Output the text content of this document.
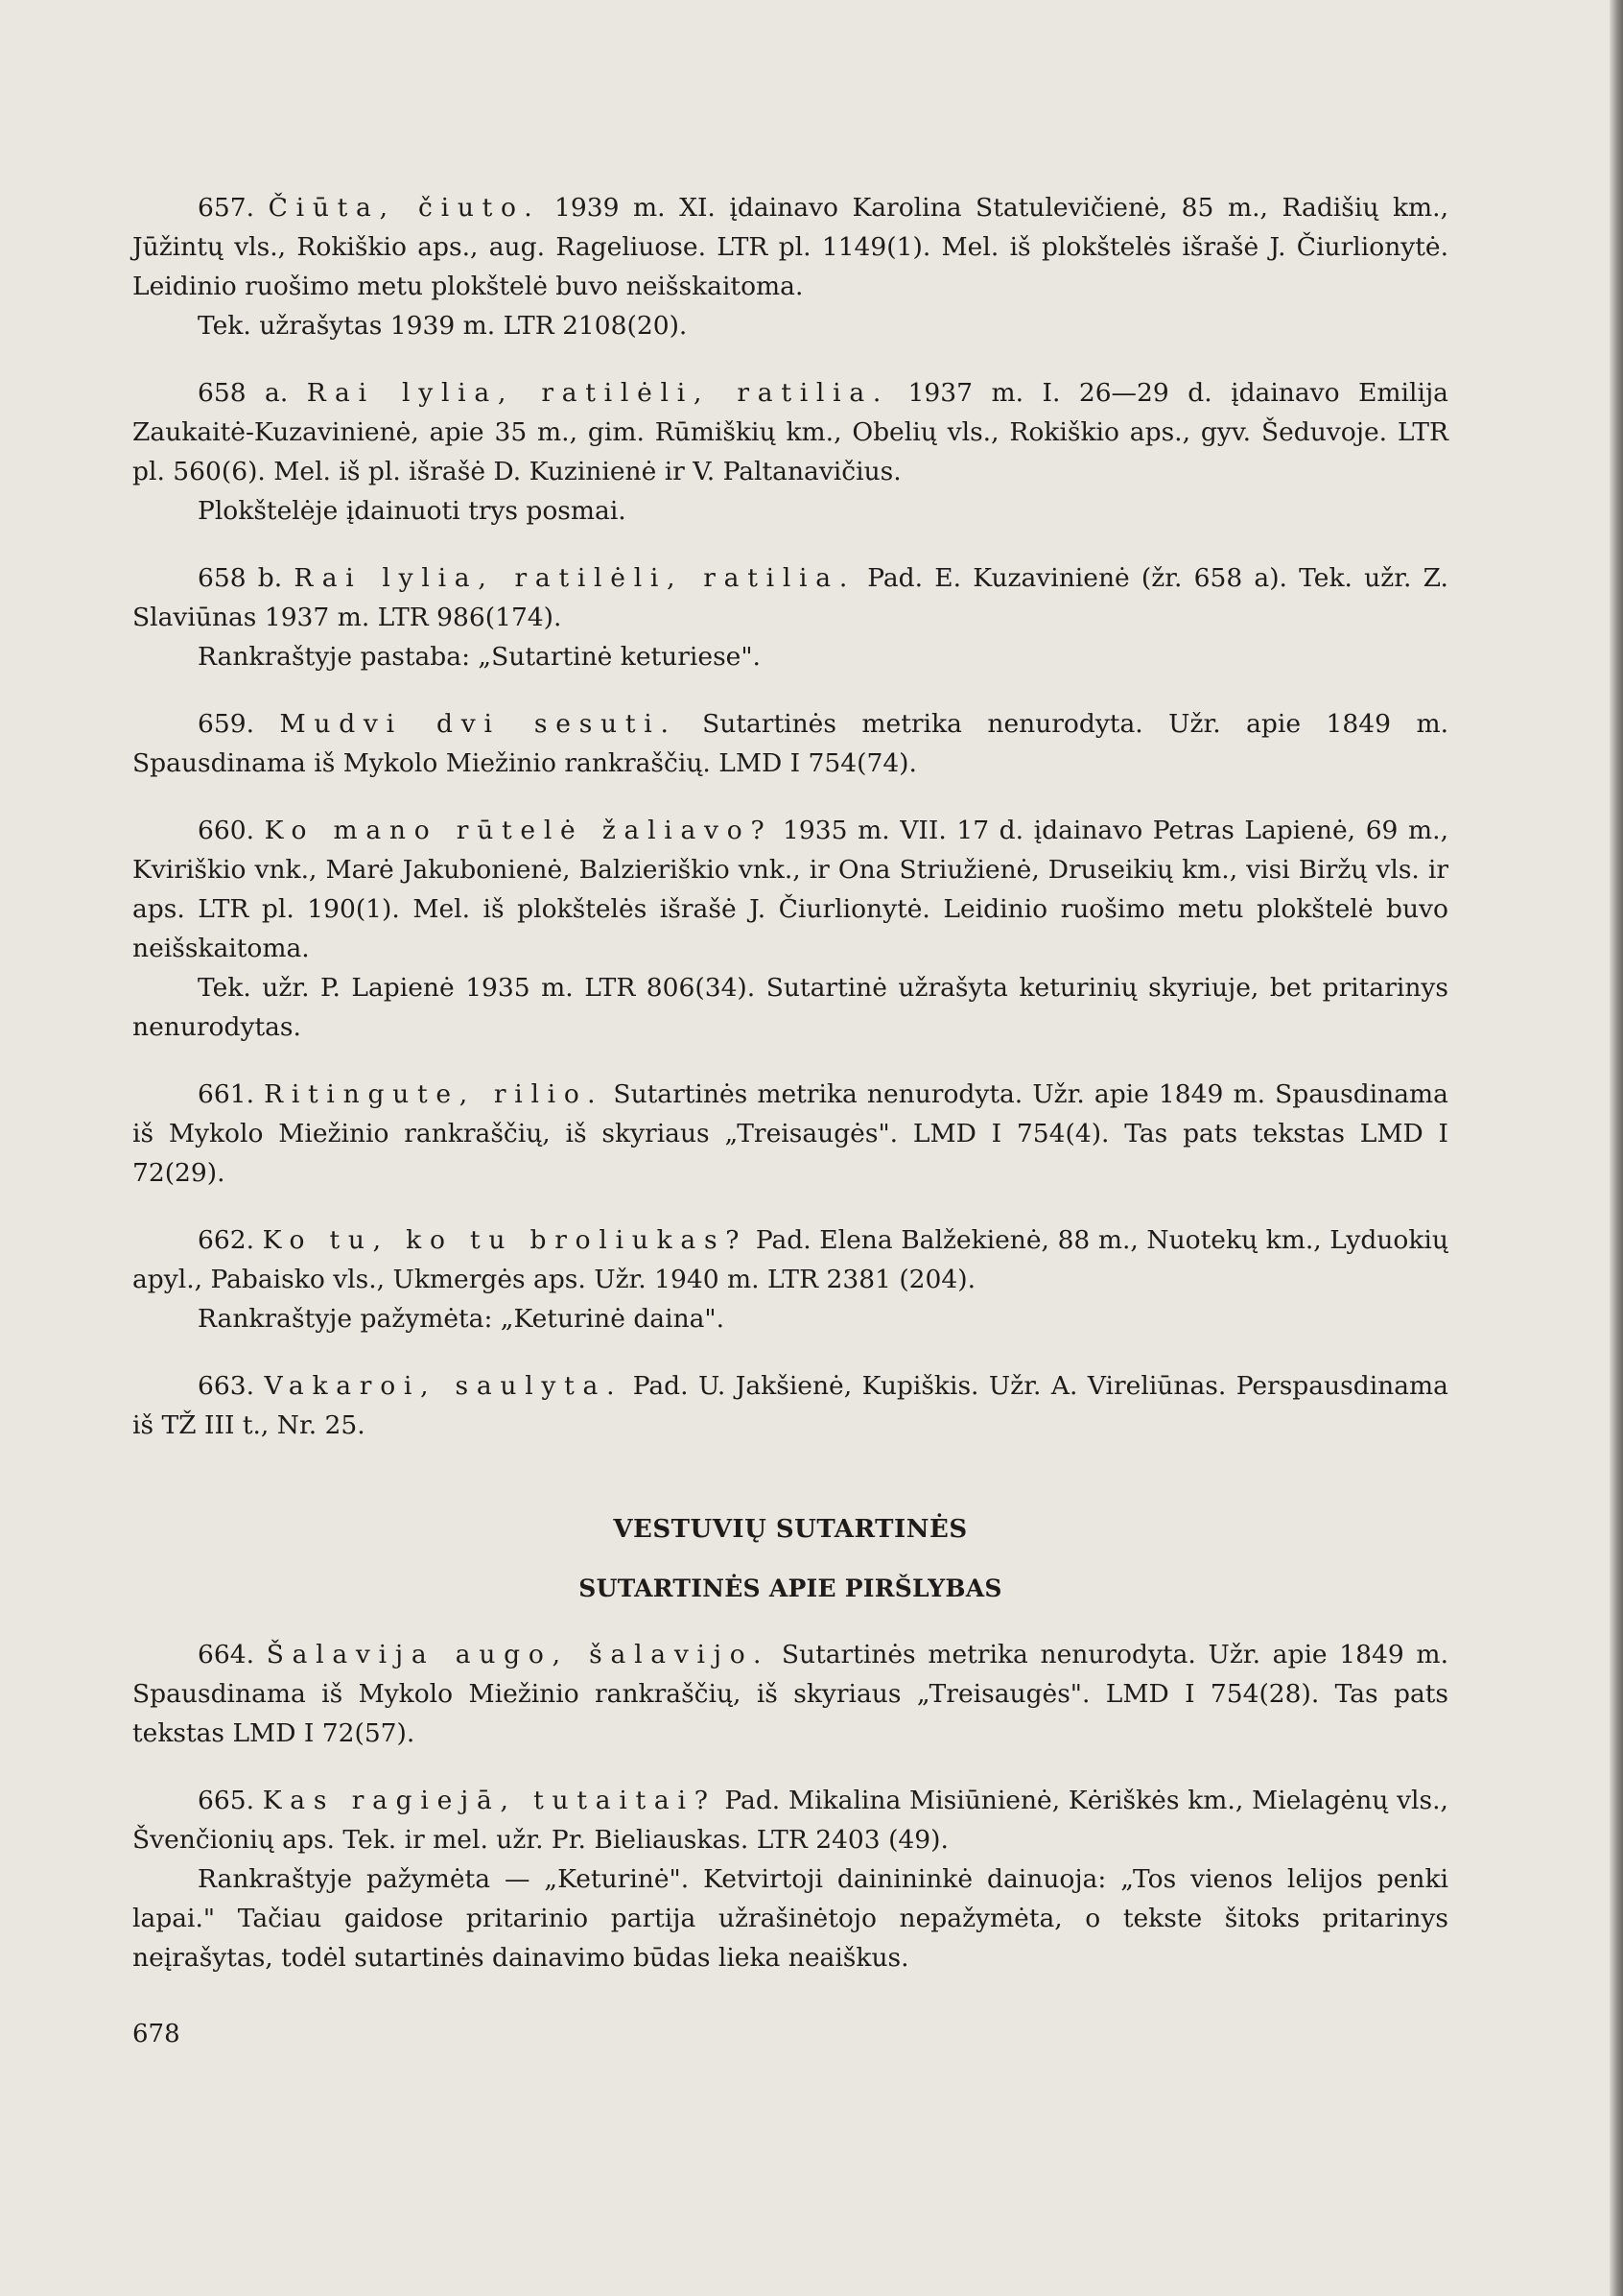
657. Čiūta, čiuto. 1939 m. XI. įdainavo Karolina Statulevičienė, 85 m., Radišių km., Jūžintų vls., Rokiškio aps., aug. Rageliuose. LTR pl. 1149(1). Mel. iš plokštelės išrašė J. Čiurlionytė. Leidinio ruošimo metu plokštelė buvo neišskaitoma.

Tek. užrašytas 1939 m. LTR 2108(20).

658 a. Rai lylia, ratilėli, ratilia. 1937 m. I. 26—29 d. įdainavo Emilija Zaukaitė-Kuzavinienė, apie 35 m., gim. Rūmiškių km., Obelių vls., Rokiškio aps., gyv. Šeduvoje. LTR pl. 560(6). Mel. iš pl. išrašė D. Kuzinienė ir V. Paltanavičius.

Plokštelėje įdainuoti trys posmai.

658 b. Rai lylia, ratilėli, ratilia. Pad. E. Kuzavinienė (žr. 658 a). Tek. užr. Z. Slaviūnas 1937 m. LTR 986(174).

Rankraštyje pastaba: „Sutartinė keturiese".

659. Mudvi dvi sesuti. Sutartinės metrika nenurodyta. Užr. apie 1849 m. Spausdinama iš Mykolo Miežinio rankraščių. LMD I 754(74).

660. Ko mano rūtelė žaliavo? 1935 m. VII. 17 d. įdainavo Petras Lapienė, 69 m., Kviriškio vnk., Marė Jakubonienė, Balzieriškio vnk., ir Ona Striužienė, Druseikių km., visi Biržų vls. ir aps. LTR pl. 190(1). Mel. iš plokštelės išrašė J. Čiurlionytė. Leidinio ruošimo metu plokštelė buvo neišskaitoma.

Tek. užr. P. Lapienė 1935 m. LTR 806(34). Sutartinė užrašyta keturinių skyriuje, bet pritarinys nenurodytas.

661. Ritingute, rilio. Sutartinės metrika nenurodyta. Užr. apie 1849 m. Spausdinama iš Mykolo Miežinio rankraščių, iš skyriaus „Treisaugės". LMD I 754(4). Tas pats tekstas LMD I 72(29).

662. Ko tu, ko tu broliukas? Pad. Elena Balžekienė, 88 m., Nuotekų km., Lyduokių apyl., Pabaisko vls., Ukmergės aps. Užr. 1940 m. LTR 2381 (204).

Rankraštyje pažymėta: „Keturinė daina".

663. Vakaroi, saulyta. Pad. U. Jakšienė, Kupiškis. Užr. A. Vireliūnas. Perspausdinama iš TŽ III t., Nr. 25.

VESTUVIŲ SUTARTINĖS
SUTARTINĖS APIE PIRŠLYBAS

664. Šalavija augo, šalavijo. Sutartinės metrika nenurodyta. Užr. apie 1849 m. Spausdinama iš Mykolo Miežinio rankraščių, iš skyriaus „Treisaugės". LMD I 754(28). Tas pats tekstas LMD I 72(57).

665. Kas ragiejā, tutaitai? Pad. Mikalina Misiūnienė, Kėriškės km., Mielagėnų vls., Švenčionių aps. Tek. ir mel. užr. Pr. Bieliauskas. LTR 2403 (49).

Rankraštyje pažymėta — „Keturinė". Ketvirtoji dainininkė dainuoja: „Tos vienos lelijos penki lapai." Tačiau gaidose pritarinio partija užrašinėtojo nepažymėta, o tekste šitoks pritarinys neįrašytas, todėl sutartinės dainavimo būdas lieka neaiškus.

678
